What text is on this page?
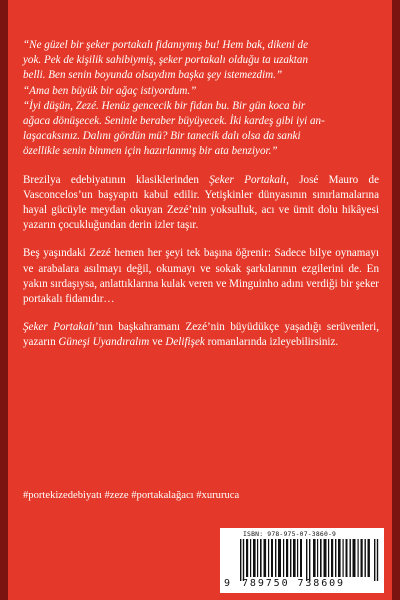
“Ne güzel bir şeker portakalı fidanıymış bu! Hem bak, dikeni de
yok. Pek de kişilik sahibiymiş, şeker portakalı olduğu ta uzaktan
belli. Ben senin boyunda olsaydım başka şey istemezdim.”
“Ama ben büyük bir ağaç istiyordum.”
“İyi düşün, Zezé. Henüz gencecik bir fidan bu. Bir gün koca bir
ağaca dönüşecek. Seninle beraber büyüyecek. İki kardeş gibi iyi an-
laşacaksınız. Dalını gördün mü? Bir tanecik dalı olsa da sanki
özellikle senin binmen için hazırlanmış bir ata benziyor.”

Brezilya edebiyatının klasiklerinden Şeker Portakalı, José Mauro de Vasconcelos’un başyapıtı kabul edilir. Yetişkinler dünyasının sınırlamalarına hayal gücüyle meydan okuyan Zezé’nin yoksulluk, acı ve ümit dolu hikâyesi yazarın çocukluğundan derin izler taşır.

Beş yaşındaki Zezé hemen her şeyi tek başına öğrenir: Sadece bilye oynamayı ve arabalara asılmayı değil, okumayı ve sokak şarkılarının ezgilerini de. En yakın sırdaşıysa, anlattıklarına kulak veren ve Minguinho adını verdiği bir şeker portakalı fidanıdır…

Şeker Portakalı’nın başkahramanı Zezé’nin büyüdükçe yaşadığı serüvenleri, yazarın Güneşi Uyandıralım ve Delifişek romanlarında izleyebilirsiniz.

#portekizedebiyatı #zeze #portakalağacı #xururuca
ISBN: 978-975-07-3860-9
9 789750 738609
